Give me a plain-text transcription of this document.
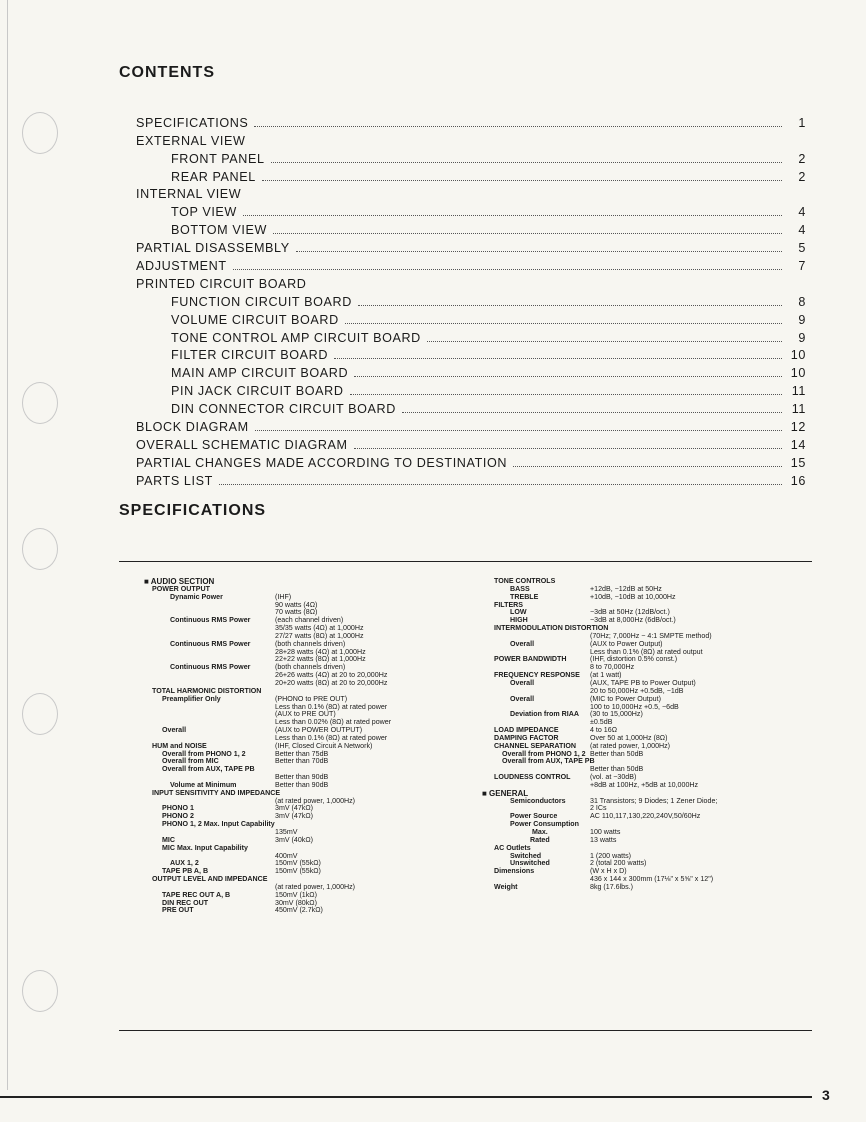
CONTENTS
SPECIFICATIONS	1
EXTERNAL VIEW
FRONT PANEL	2
REAR PANEL	2
INTERNAL VIEW
TOP VIEW	4
BOTTOM VIEW	4
PARTIAL DISASSEMBLY	5
ADJUSTMENT	7
PRINTED CIRCUIT BOARD
FUNCTION CIRCUIT BOARD	8
VOLUME CIRCUIT BOARD	9
TONE CONTROL AMP CIRCUIT BOARD	9
FILTER CIRCUIT BOARD	10
MAIN AMP CIRCUIT BOARD	10
PIN JACK CIRCUIT BOARD	11
DIN CONNECTOR CIRCUIT BOARD	11
BLOCK DIAGRAM	12
OVERALL SCHEMATIC DIAGRAM	14
PARTIAL CHANGES MADE ACCORDING TO DESTINATION	15
PARTS LIST	16
SPECIFICATIONS
■ AUDIO SECTION
POWER OUTPUT
Dynamic Power	(IHF)
90 watts (4Ω)
70 watts (8Ω)
Continuous RMS Power	(each channel driven)
35/35 watts (4Ω) at 1,000Hz
27/27 watts (8Ω) at 1,000Hz
Continuous RMS Power	(both channels driven)
28+28 watts (4Ω) at 1,000Hz
22+22 watts (8Ω) at 1,000Hz
Continuous RMS Power	(both channels driven)
26+26 watts (4Ω) at 20 to 20,000Hz
20+20 watts (8Ω) at 20 to 20,000Hz
TOTAL HARMONIC DISTORTION
Preamplifier Only	(PHONO to PRE OUT)
Less than 0.1% (8Ω) at rated power
(AUX to PRE OUT)
Less than 0.02% (8Ω) at rated power
Overall	(AUX to POWER OUTPUT)
Less than 0.1% (8Ω) at rated power
HUM and NOISE	(IHF, Closed Circuit A Network)
Overall from PHONO 1, 2	Better than 75dB
Overall from MIC	Better than 70dB
Overall from AUX, TAPE PB
Better than 90dB
Volume at Minimum	Better than 90dB
INPUT SENSITIVITY AND IMPEDANCE
(at rated power, 1,000Hz)
PHONO 1	3mV (47kΩ)
PHONO 2	3mV (47kΩ)
PHONO 1, 2 Max. Input Capability
135mV
MIC	3mV (40kΩ)
MIC Max. Input Capability
400mV
AUX 1, 2	150mV (55kΩ)
TAPE PB A, B	150mV (55kΩ)
OUTPUT LEVEL AND IMPEDANCE
(at rated power, 1,000Hz)
TAPE REC OUT A, B	150mV (1kΩ)
DIN REC OUT	30mV (80kΩ)
PRE OUT	450mV (2.7kΩ)
TONE CONTROLS
BASS	+12dB, −12dB at 50Hz
TREBLE	+10dB, −10dB at 10,000Hz
FILTERS
LOW	−3dB at 50Hz (12dB/oct.)
HIGH	−3dB at 8,000Hz (6dB/oct.)
INTERMODULATION DISTORTION
(70Hz; 7,000Hz − 4:1 SMPTE method)
Overall	(AUX to Power Output)
Less than 0.1% (8Ω) at rated output
POWER BANDWIDTH	(IHF, distortion 0.5% const.)
8 to 70,000Hz
FREQUENCY RESPONSE (at 1 watt)
Overall	(AUX, TAPE PB to Power Output)
20 to 50,000Hz +0.5dB, −1dB
Overall	(MIC to Power Output)
100 to 10,000Hz +0.5, −6dB
Deviation from RIAA (30 to 15,000Hz)
±0.5dB
LOAD IMPEDANCE	4 to 16Ω
DAMPING FACTOR	Over 50 at 1,000Hz (8Ω)
CHANNEL SEPARATION (at rated power, 1,000Hz)
Overall from PHONO 1, 2 Better than 50dB
Overall from AUX, TAPE PB
Better than 50dB
LOUDNESS CONTROL	(vol. at −30dB)
+8dB at 100Hz, +5dB at 10,000Hz
■ GENERAL
Semiconductors	31 Transistors; 9 Diodes; 1 Zener Diode;
2 ICs
Power Source	AC 110,117,130,220,240V,50/60Hz
Power Consumption
Max.	100 watts
Rated	13 watts
AC Outlets
Switched	1 (200 watts)
Unswitched	2 (total 200 watts)
Dimensions	(W x H x D)
436 x 144 x 300mm (17⅛" x 5⅝" x 12")
Weight	8kg (17.6lbs.)
3
